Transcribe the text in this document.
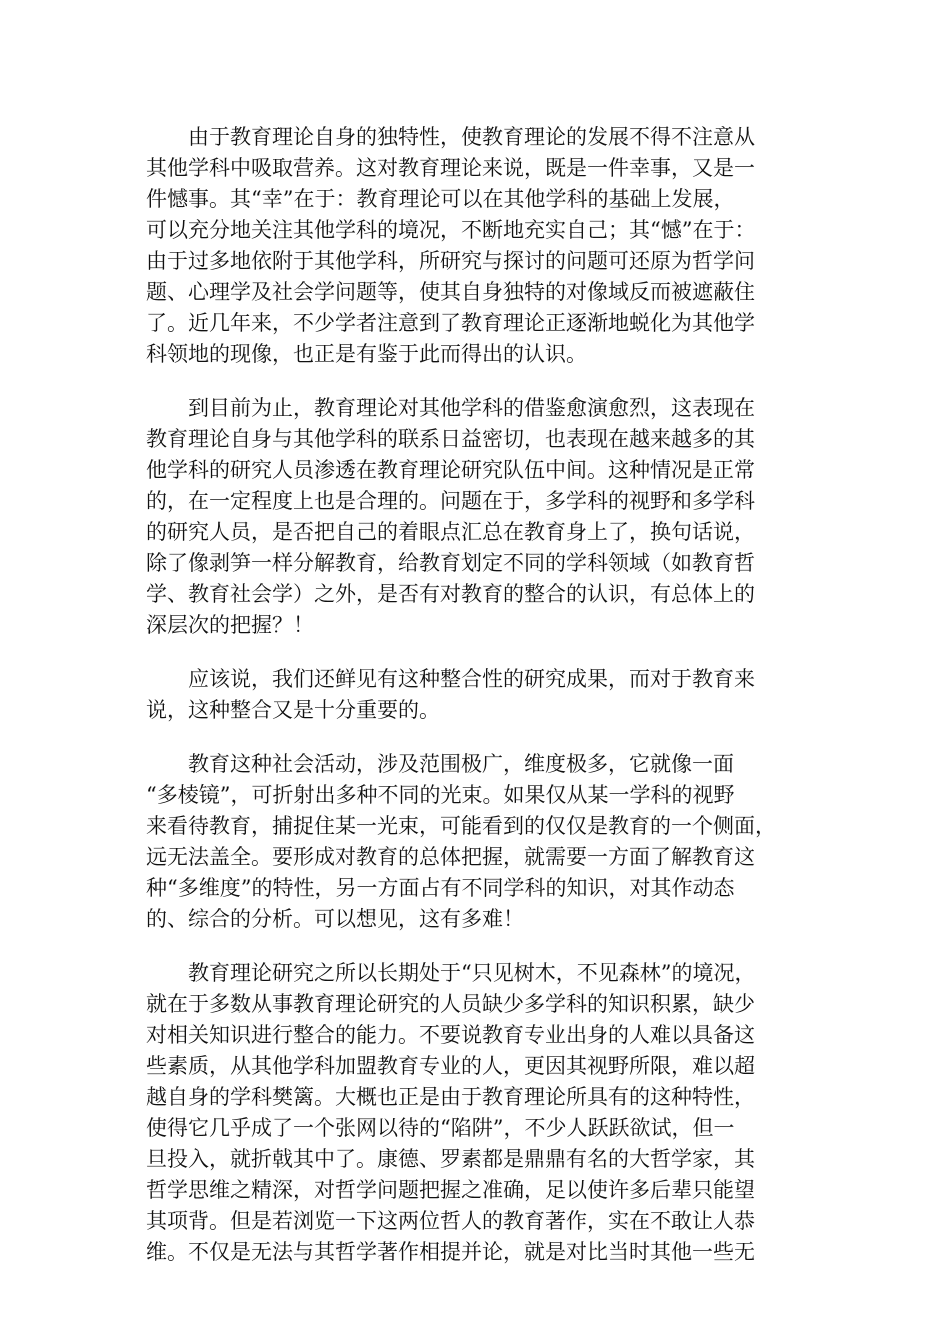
　　由于教育理论自身的独特性，使教育理论的发展不得不注意从
其他学科中吸取营养。这对教育理论来说，既是一件幸事，又是一
件憾事。其“幸”在于：教育理论可以在其他学科的基础上发展，
可以充分地关注其他学科的境况，不断地充实自己；其“憾”在于：
由于过多地依附于其他学科，所研究与探讨的问题可还原为哲学问
题、心理学及社会学问题等，使其自身独特的对像域反而被遮蔽住
了。近几年来，不少学者注意到了教育理论正逐渐地蜕化为其他学
科领地的现像，也正是有鉴于此而得出的认识。
　　到目前为止，教育理论对其他学科的借鉴愈演愈烈，这表现在
教育理论自身与其他学科的联系日益密切，也表现在越来越多的其
他学科的研究人员渗透在教育理论研究队伍中间。这种情况是正常
的，在一定程度上也是合理的。问题在于，多学科的视野和多学科
的研究人员，是否把自己的着眼点汇总在教育身上了，换句话说，
除了像剥笋一样分解教育，给教育划定不同的学科领域（如教育哲
学、教育社会学）之外，是否有对教育的整合的认识，有总体上的
深层次的把握？！
　　应该说，我们还鲜见有这种整合性的研究成果，而对于教育来
说，这种整合又是十分重要的。
　　教育这种社会活动，涉及范围极广，维度极多，它就像一面
“多棱镜”，可折射出多种不同的光束。如果仅从某一学科的视野
来看待教育，捕捉住某一光束，可能看到的仅仅是教育的一个侧面，
远无法盖全。要形成对教育的总体把握，就需要一方面了解教育这
种“多维度”的特性，另一方面占有不同学科的知识，对其作动态
的、综合的分析。可以想见，这有多难！
　　教育理论研究之所以长期处于“只见树木，不见森林”的境况，
就在于多数从事教育理论研究的人员缺少多学科的知识积累，缺少
对相关知识进行整合的能力。不要说教育专业出身的人难以具备这
些素质，从其他学科加盟教育专业的人，更因其视野所限，难以超
越自身的学科樊篱。大概也正是由于教育理论所具有的这种特性，
使得它几乎成了一个张网以待的“陷阱”，不少人跃跃欲试，但一
旦投入，就折戟其中了。康德、罗素都是鼎鼎有名的大哲学家，其
哲学思维之精深，对哲学问题把握之准确，足以使许多后辈只能望
其项背。但是若浏览一下这两位哲人的教育著作，实在不敢让人恭
维。不仅是无法与其哲学著作相提并论，就是对比当时其他一些无
